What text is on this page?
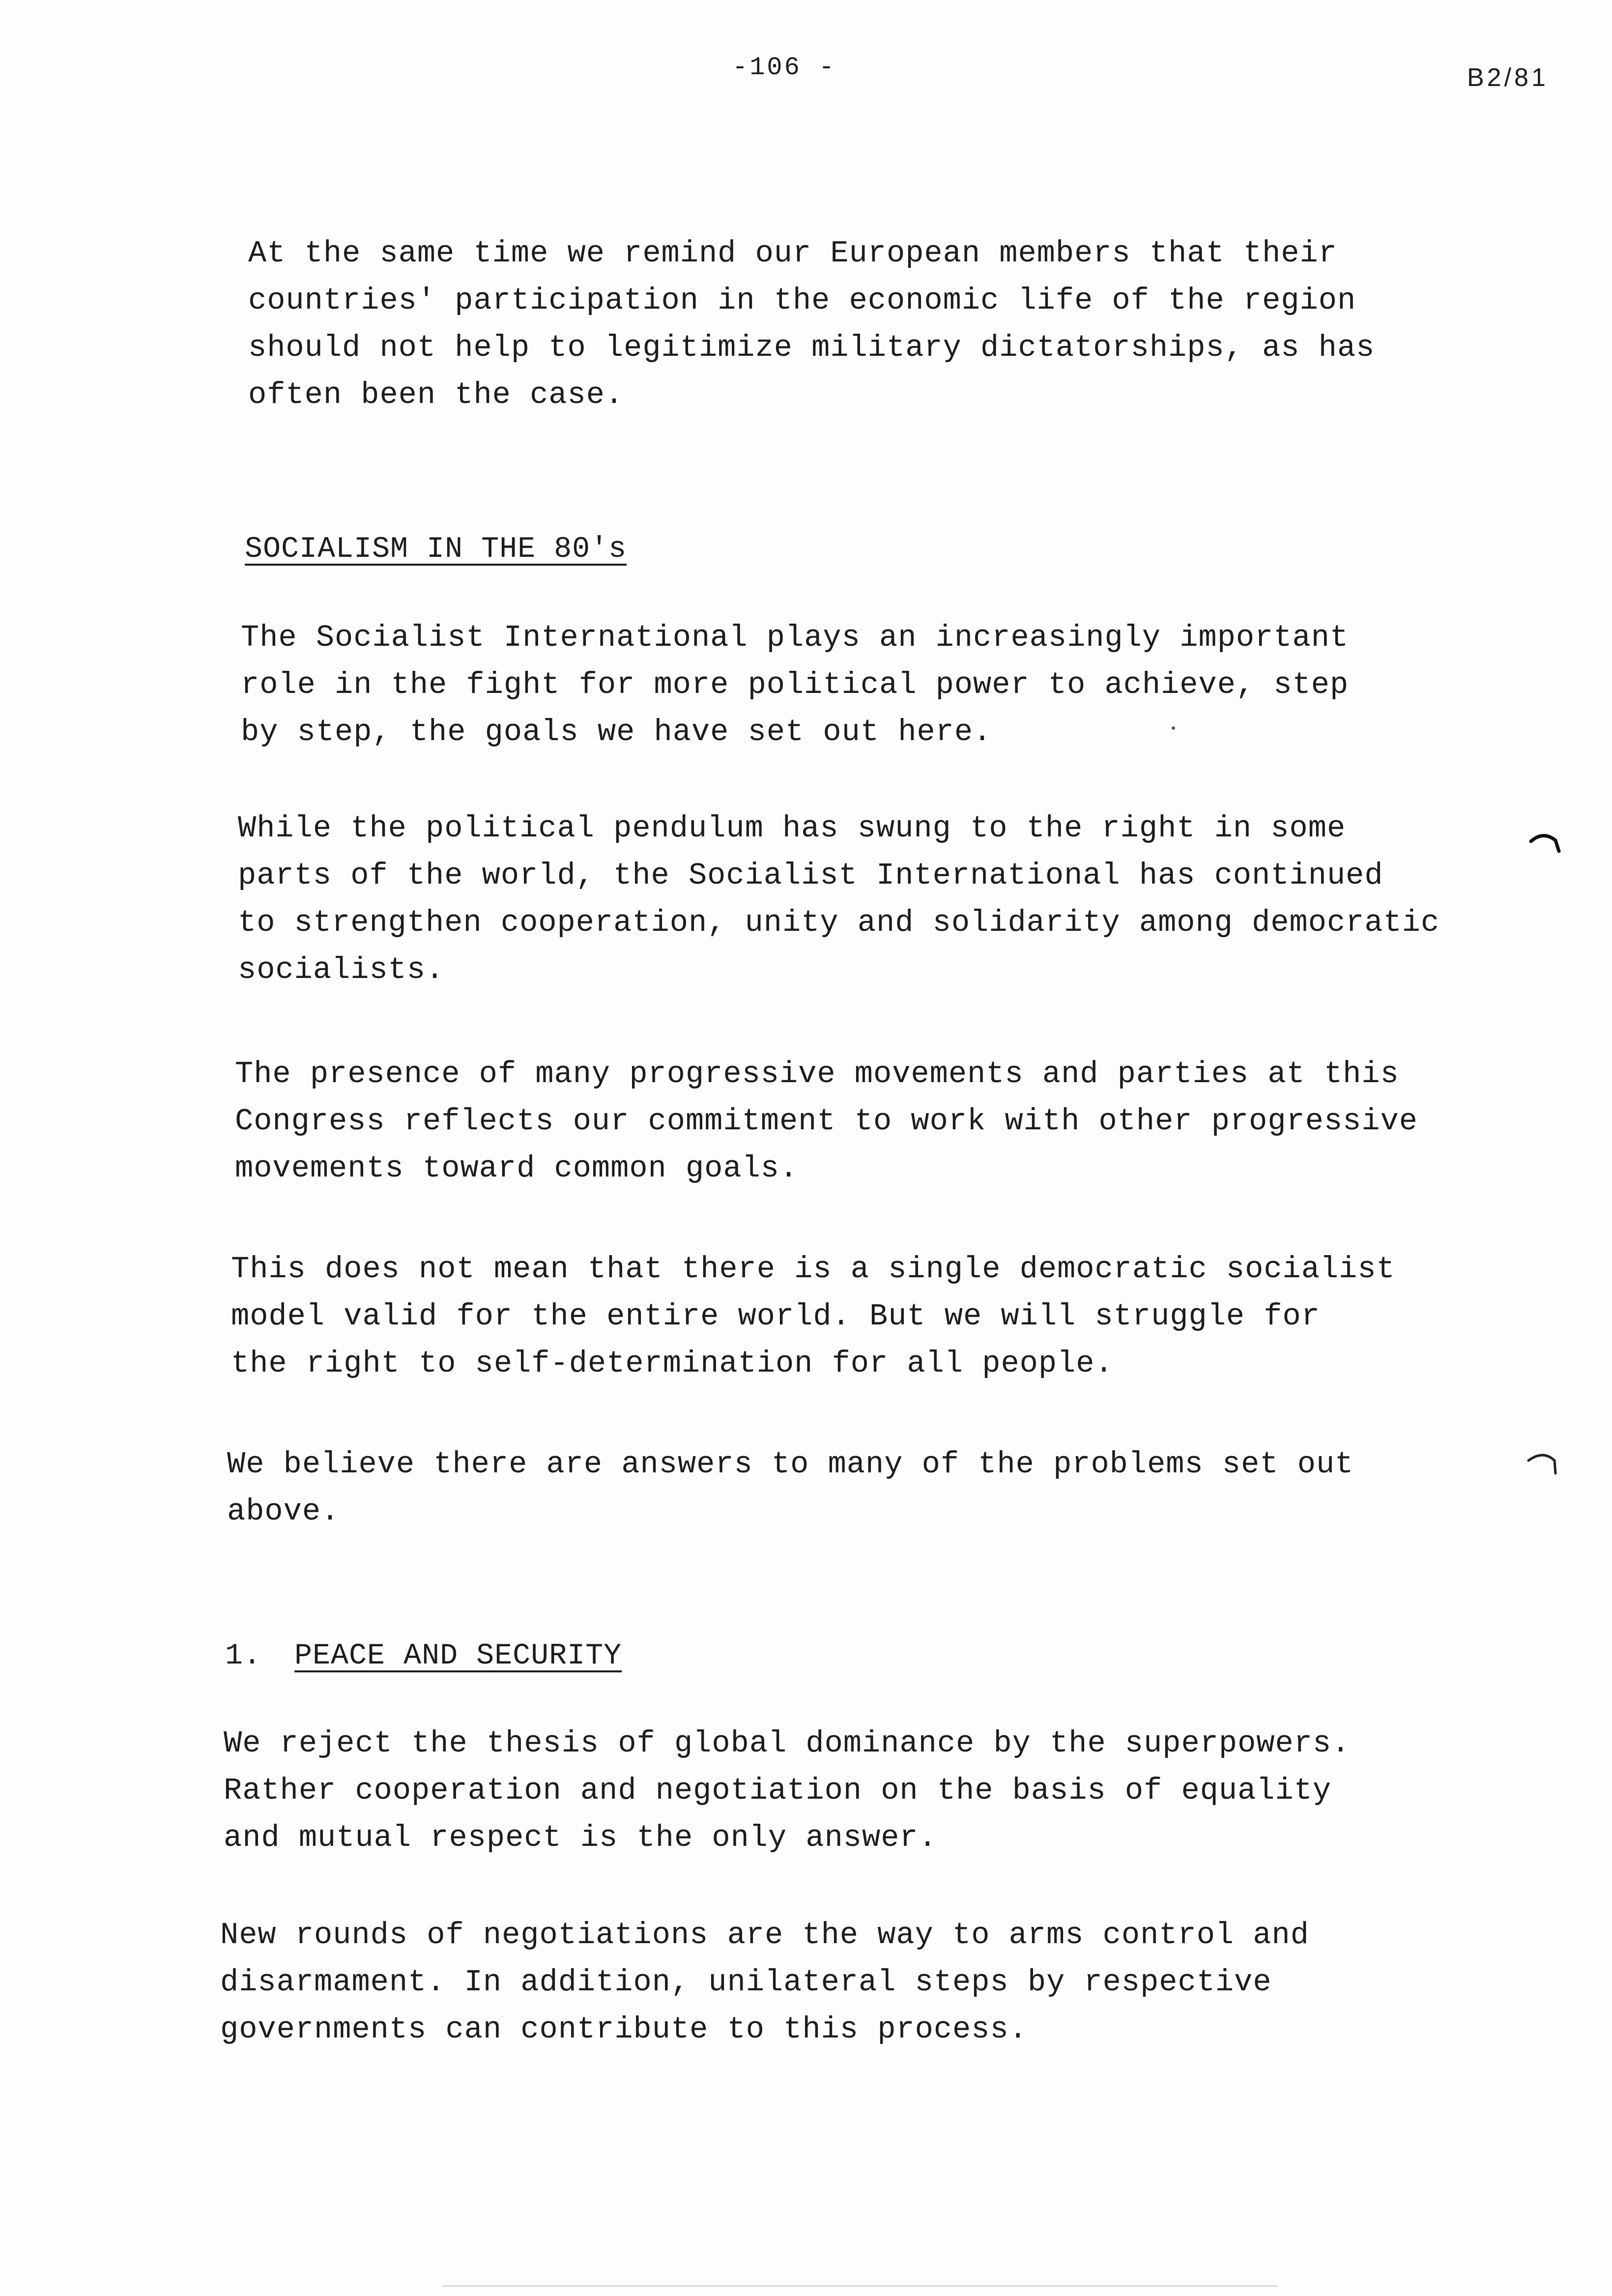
-106 -	B2/81
At the same time we remind our European members that their
countries' participation in the economic life of the region
should not help to legitimize military dictatorships, as has
often been the case.
SOCIALISM IN THE 80's
The Socialist International plays an increasingly important
role in the fight for more political power to achieve, step
by step, the goals we have set out here.
While the political pendulum has swung to the right in some
parts of the world, the Socialist International has continued
to strengthen cooperation, unity and solidarity among democratic
socialists.
The presence of many progressive movements and parties at this
Congress reflects our commitment to work with other progressive
movements toward common goals.
This does not mean that there is a single democratic socialist
model valid for the entire world. But we will struggle for
the right to self-determination for all people.
We believe there are answers to many of the problems set out
above.
1. PEACE AND SECURITY
We reject the thesis of global dominance by the superpowers.
Rather cooperation and negotiation on the basis of equality
and mutual respect is the only answer.
New rounds of negotiations are the way to arms control and
disarmament. In addition, unilateral steps by respective
governments can contribute to this process.
